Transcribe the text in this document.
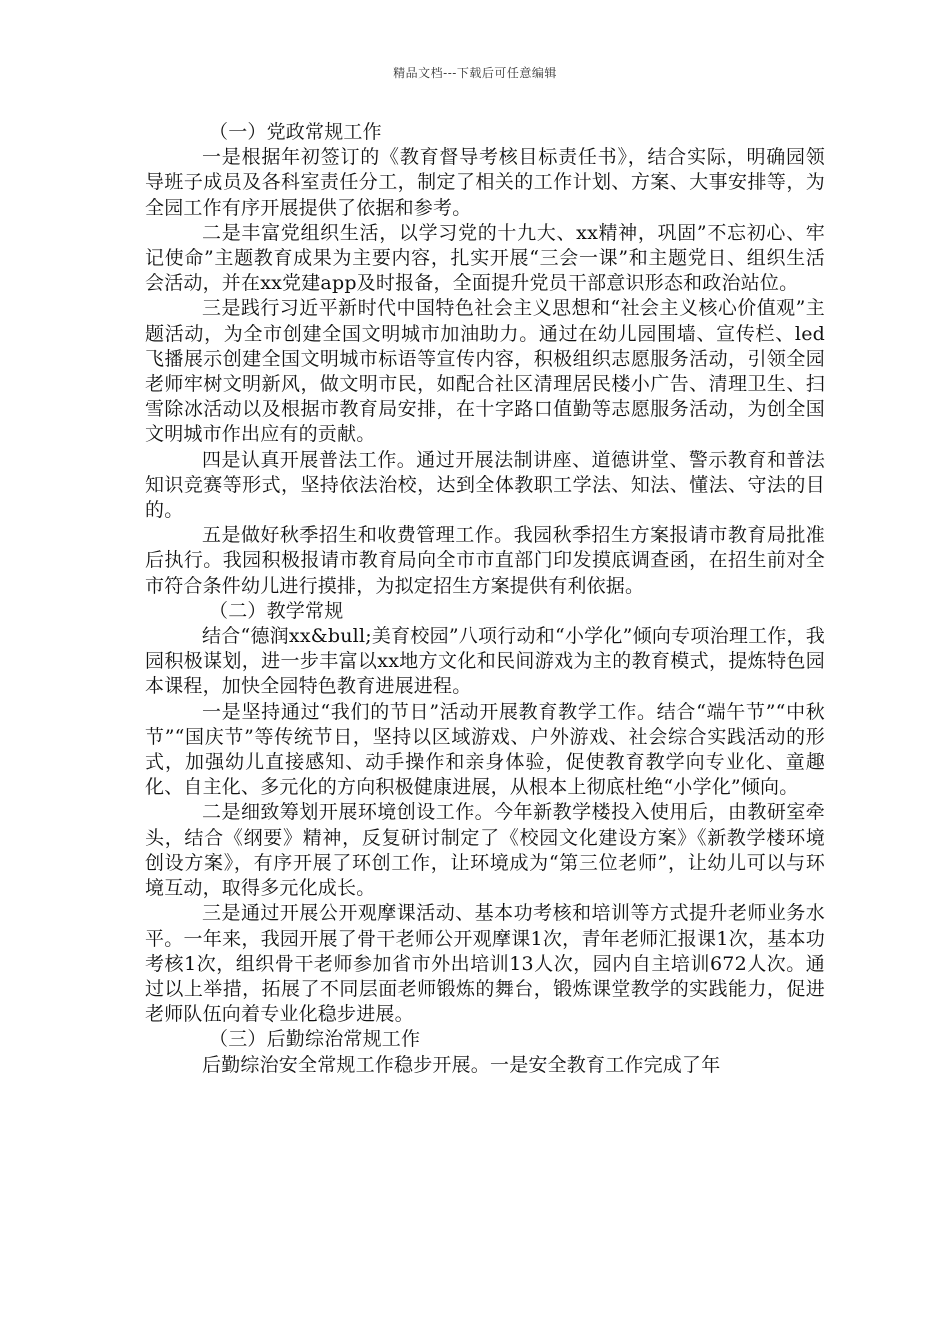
精品文档---下载后可任意编辑

（一）党政常规工作

一是根据年初签订的《教育督导考核目标责任书》，结合实际，明确园领导班子成员及各科室责任分工，制定了相关的工作计划、方案、大事安排等，为全园工作有序开展提供了依据和参考。

二是丰富党组织生活，以学习党的十九大、xx精神，巩固”不忘初心、牢记使命”主题教育成果为主要内容，扎实开展“三会一课”和主题党日、组织生活会活动，并在xx党建app及时报备，全面提升党员干部意识形态和政治站位。

三是践行习近平新时代中国特色社会主义思想和“社会主义核心价值观”主题活动，为全市创建全国文明城市加油助力。通过在幼儿园围墙、宣传栏、led飞播展示创建全国文明城市标语等宣传内容，积极组织志愿服务活动，引领全园老师牢树文明新风，做文明市民，如配合社区清理居民楼小广告、清理卫生、扫雪除冰活动以及根据市教育局安排，在十字路口值勤等志愿服务活动，为创全国文明城市作出应有的贡献。

四是认真开展普法工作。通过开展法制讲座、道德讲堂、警示教育和普法知识竞赛等形式，坚持依法治校，达到全体教职工学法、知法、懂法、守法的目的。

五是做好秋季招生和收费管理工作。我园秋季招生方案报请市教育局批准后执行。我园积极报请市教育局向全市市直部门印发摸底调查函，在招生前对全市符合条件幼儿进行摸排，为拟定招生方案提供有利依据。

（二）教学常规

结合“德润xx&bull;美育校园”八项行动和“小学化”倾向专项治理工作，我园积极谋划，进一步丰富以xx地方文化和民间游戏为主的教育模式，提炼特色园本课程，加快全园特色教育进展进程。

一是坚持通过“我们的节日”活动开展教育教学工作。结合“端午节”“中秋节”“国庆节”等传统节日，坚持以区域游戏、户外游戏、社会综合实践活动的形式，加强幼儿直接感知、动手操作和亲身体验，促使教育教学向专业化、童趣化、自主化、多元化的方向积极健康进展，从根本上彻底杜绝“小学化”倾向。

二是细致筹划开展环境创设工作。今年新教学楼投入使用后，由教研室牵头，结合《纲要》精神，反复研讨制定了《校园文化建设方案》《新教学楼环境创设方案》，有序开展了环创工作，让环境成为“第三位老师”，让幼儿可以与环境互动，取得多元化成长。

三是通过开展公开观摩课活动、基本功考核和培训等方式提升老师业务水平。一年来，我园开展了骨干老师公开观摩课1次，青年老师汇报课1次，基本功考核1次，组织骨干老师参加省市外出培训13人次，园内自主培训672人次。通过以上举措，拓展了不同层面老师锻炼的舞台，锻炼课堂教学的实践能力，促进老师队伍向着专业化稳步进展。

（三）后勤综治常规工作

后勤综治安全常规工作稳步开展。一是安全教育工作完成了年
